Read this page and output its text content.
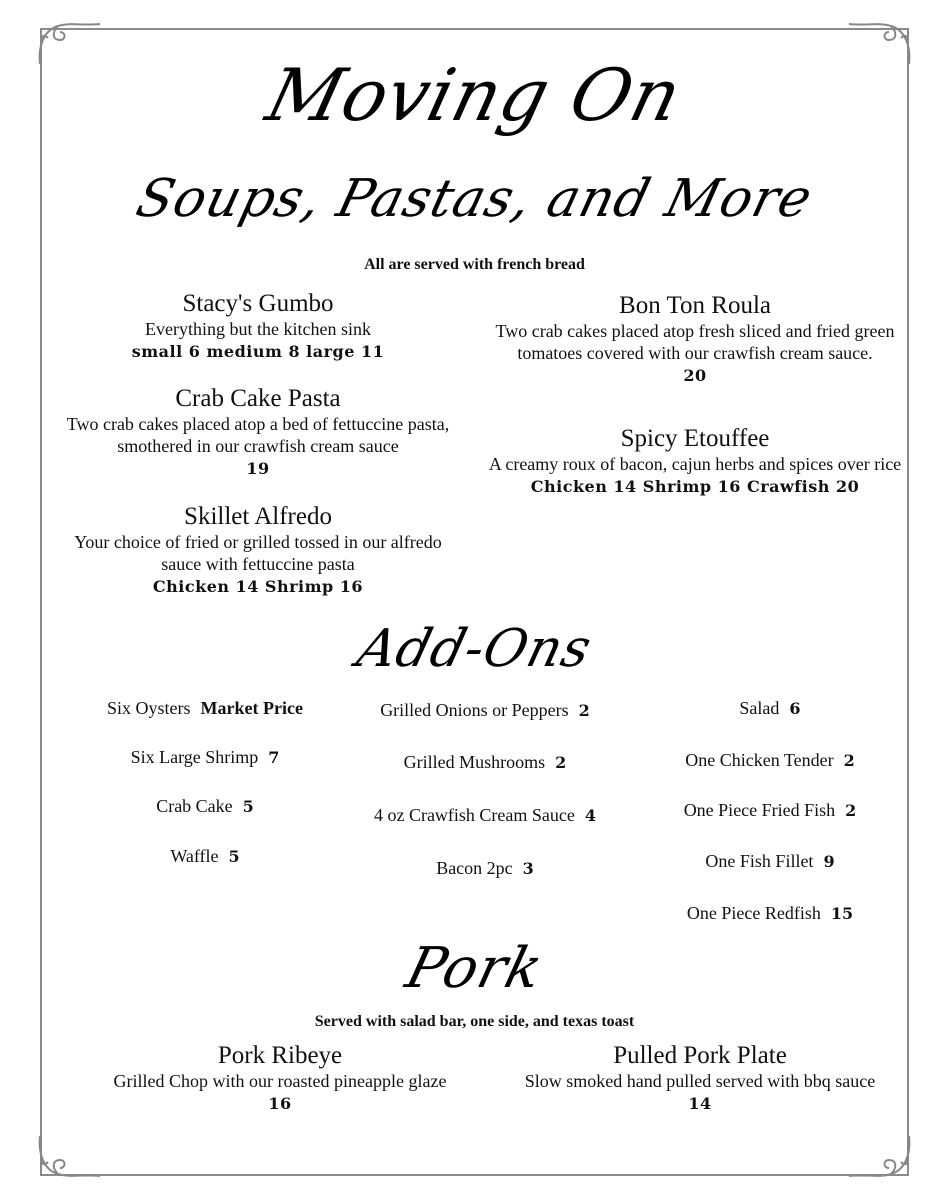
Moving On
Soups, Pastas, and More
All are served with french bread
Stacy's Gumbo
Everything but the kitchen sink
small 6 medium 8 large 11
Crab Cake Pasta
Two crab cakes placed atop a bed of fettuccine pasta, smothered in our crawfish cream sauce
19
Skillet Alfredo
Your choice of fried or grilled tossed in our alfredo sauce with fettuccine pasta
Chicken 14 Shrimp 16
Bon Ton Roula
Two crab cakes placed atop fresh sliced and fried green tomatoes covered with our crawfish cream sauce.
20
Spicy Etouffee
A creamy roux of bacon, cajun herbs and spices over rice
Chicken 14 Shrimp 16 Crawfish 20
Add-Ons
Six Oysters Market Price
Six Large Shrimp 7
Crab Cake 5
Waffle 5
Grilled Onions or Peppers 2
Grilled Mushrooms 2
4 oz Crawfish Cream Sauce 4
Bacon 2pc 3
Salad 6
One Chicken Tender 2
One Piece Fried Fish 2
One Fish Fillet 9
One Piece Redfish 15
Pork
Served with salad bar, one side, and texas toast
Pork Ribeye
Grilled Chop with our roasted pineapple glaze
16
Pulled Pork Plate
Slow smoked hand pulled served with bbq sauce
14
